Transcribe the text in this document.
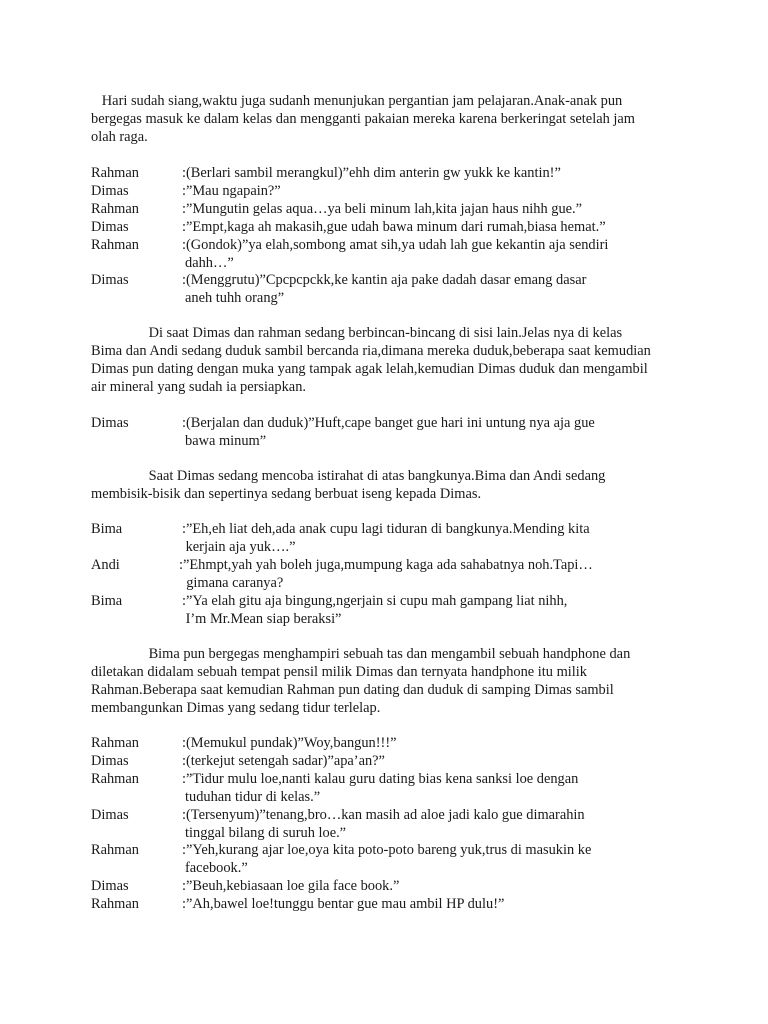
Hari sudah siang,waktu juga sudanh menunjukan pergantian jam pelajaran.Anak-anak pun
bergegas masuk ke dalam kelas dan mengganti pakaian mereka karena berkeringat setelah jam
olah raga.
Rahman	:(Berlari sambil merangkul)”ehh dim anterin gw yukk ke kantin!”
Dimas	:”Mau ngapain?”
Rahman	:”Mungutin gelas aqua…ya beli minum lah,kita jajan haus nihh gue.”
Dimas	:”Empt,kaga ah makasih,gue udah bawa minum dari rumah,biasa hemat.”
Rahman	:(Gondok)”ya elah,sombong amat sih,ya udah lah gue kekantin aja sendiri
dahh…”
Dimas	:(Menggrutu)”Cpcpcpckk,ke kantin aja pake dadah dasar emang dasar
aneh tuhh orang”
Di saat Dimas dan rahman sedang berbincan-bincang di sisi lain.Jelas nya di kelas
Bima dan Andi sedang duduk sambil bercanda ria,dimana mereka duduk,beberapa saat kemudian
Dimas pun dating dengan muka yang tampak agak lelah,kemudian Dimas duduk dan mengambil
air mineral yang sudah ia persiapkan.
Dimas	:(Berjalan dan duduk)”Huft,cape banget gue hari ini untung nya aja gue
bawa minum”
Saat Dimas sedang mencoba istirahat di atas bangkunya.Bima dan Andi sedang
membisik-bisik dan sepertinya sedang berbuat iseng kepada Dimas.
Bima	:”Eh,eh liat deh,ada anak cupu lagi tiduran di bangkunya.Mending kita
kerjain aja yuk….”
Andi	:”Ehmpt,yah yah boleh juga,mumpung kaga ada sahabatnya noh.Tapi…
gimana caranya?
Bima	:”Ya elah gitu aja bingung,ngerjain si cupu mah gampang liat nihh,
I’m Mr.Mean siap beraksi”
Bima pun bergegas menghampiri sebuah tas dan mengambil sebuah handphone dan
diletakan didalam sebuah tempat pensil milik Dimas dan ternyata handphone itu milik
Rahman.Beberapa saat kemudian Rahman pun dating dan duduk di samping Dimas sambil
membangunkan Dimas yang sedang tidur terlelap.
Rahman	:(Memukul pundak)”Woy,bangun!!!”
Dimas	:(terkejut setengah sadar)”apa’an?”
Rahman	:”Tidur mulu loe,nanti kalau guru dating bias kena sanksi loe dengan
tuduhan tidur di kelas.”
Dimas	:(Tersenyum)”tenang,bro…kan masih ad aloe jadi kalo gue dimarahin
tinggal bilang di suruh loe.”
Rahman	:”Yeh,kurang ajar loe,oya kita poto-poto bareng yuk,trus di masukin ke
facebook.”
Dimas	:”Beuh,kebiasaan loe gila face book.”
Rahman	:”Ah,bawel loe!tunggu bentar gue mau ambil HP dulu!”
